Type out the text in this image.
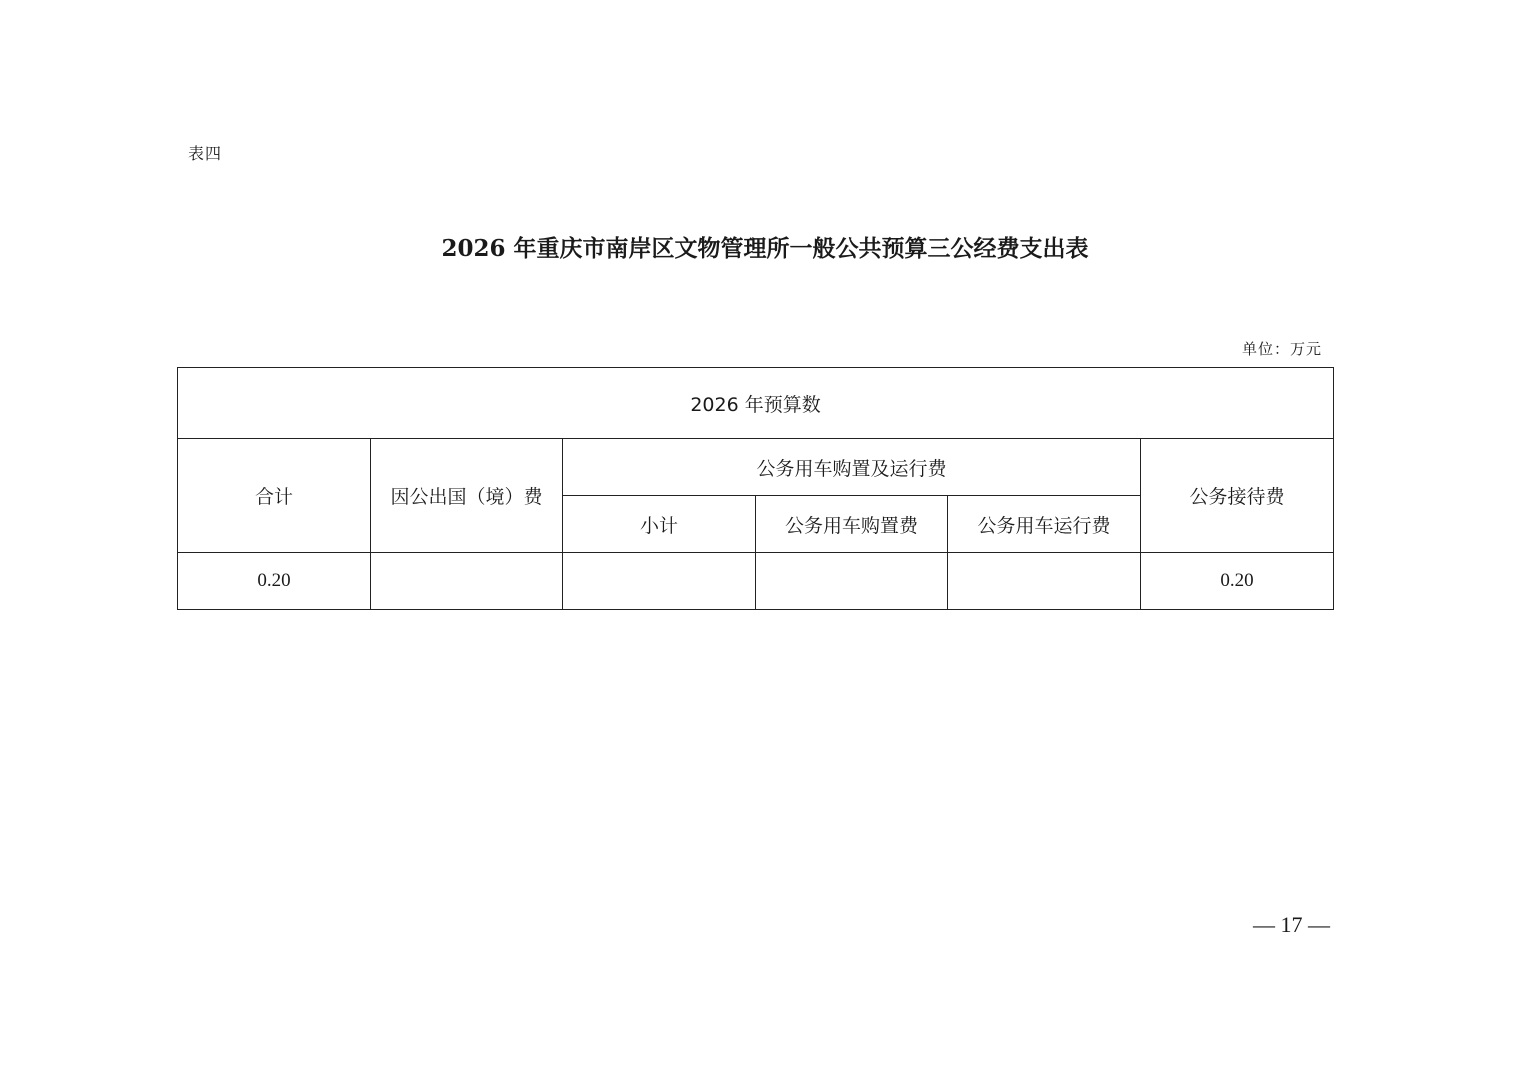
表四
2026 年重庆市南岸区文物管理所一般公共预算三公经费支出表
单位：万元
2026 年预算数					
合计	因公出国（境）费	公务用车购置及运行费			公务接待费
		小计	公务用车购置费	公务用车运行费	
0.20					0.20
— 17 —
